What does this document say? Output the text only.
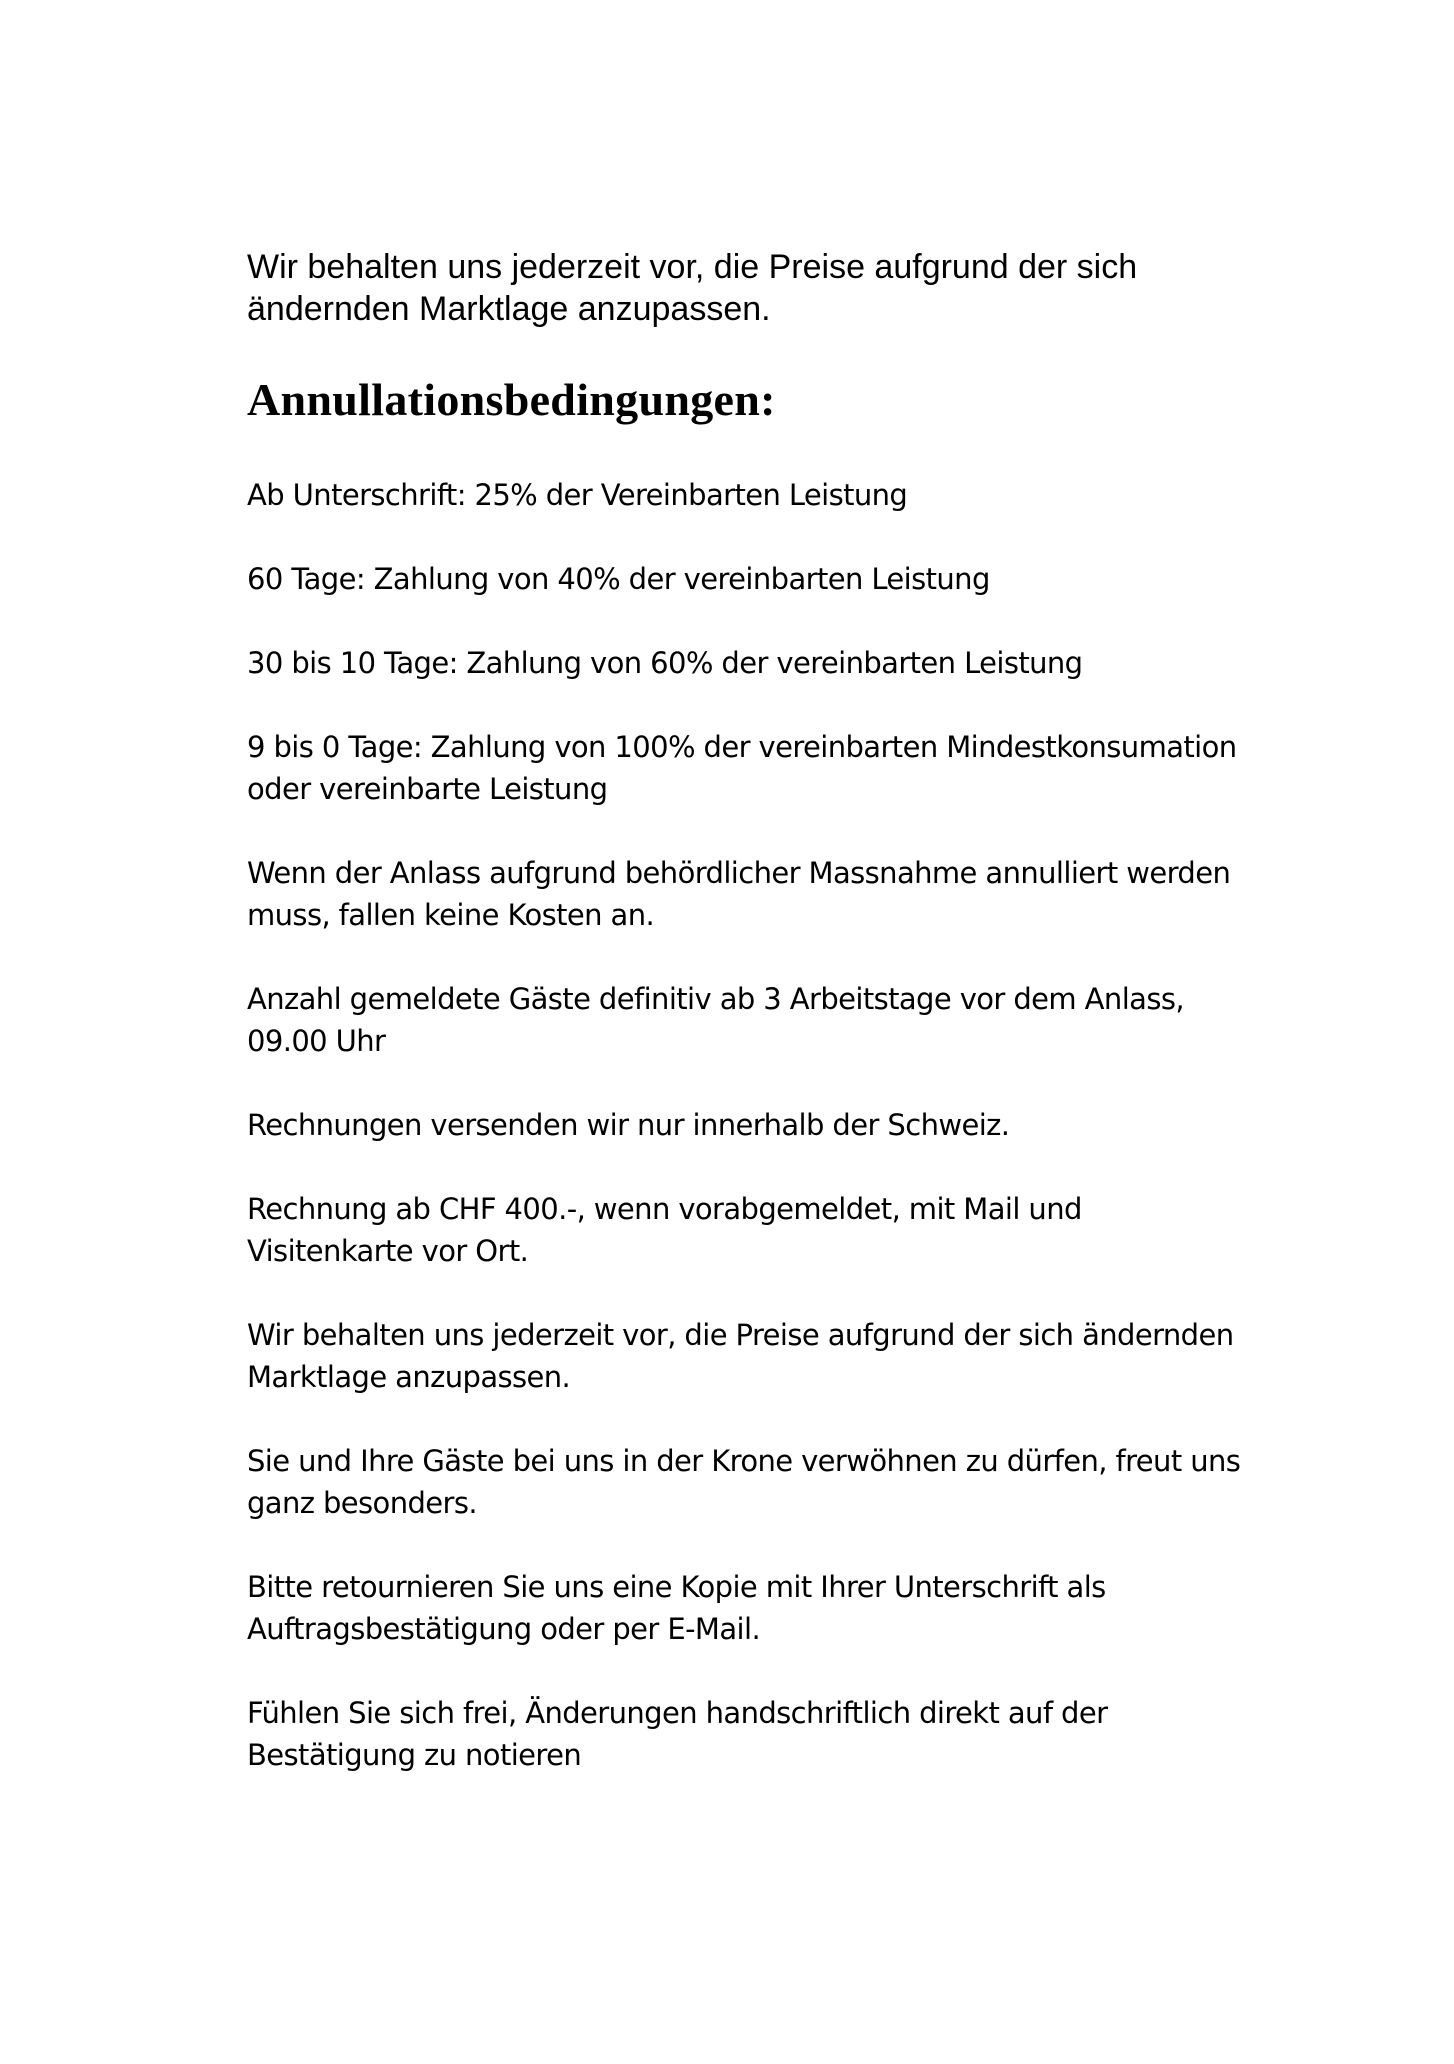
Wir behalten uns jederzeit vor, die Preise aufgrund der sich ändernden Marktlage anzupassen.

Annullationsbedingungen:

Ab Unterschrift: 25% der Vereinbarten Leistung

60 Tage: Zahlung von 40% der vereinbarten Leistung

30 bis 10 Tage: Zahlung von 60% der vereinbarten Leistung

9 bis 0 Tage: Zahlung von 100% der vereinbarten Mindestkonsumation oder vereinbarte Leistung

Wenn der Anlass aufgrund behördlicher Massnahme annulliert werden muss, fallen keine Kosten an.

Anzahl gemeldete Gäste definitiv ab 3 Arbeitstage vor dem Anlass, 09.00 Uhr

Rechnungen versenden wir nur innerhalb der Schweiz.

Rechnung ab CHF 400.-, wenn vorabgemeldet, mit Mail und Visitenkarte vor Ort.

Wir behalten uns jederzeit vor, die Preise aufgrund der sich ändernden Marktlage anzupassen.

Sie und Ihre Gäste bei uns in der Krone verwöhnen zu dürfen, freut uns ganz besonders.

Bitte retournieren Sie uns eine Kopie mit Ihrer Unterschrift als Auftragsbestätigung oder per E-Mail.

Fühlen Sie sich frei, Änderungen handschriftlich direkt auf der Bestätigung zu notieren
